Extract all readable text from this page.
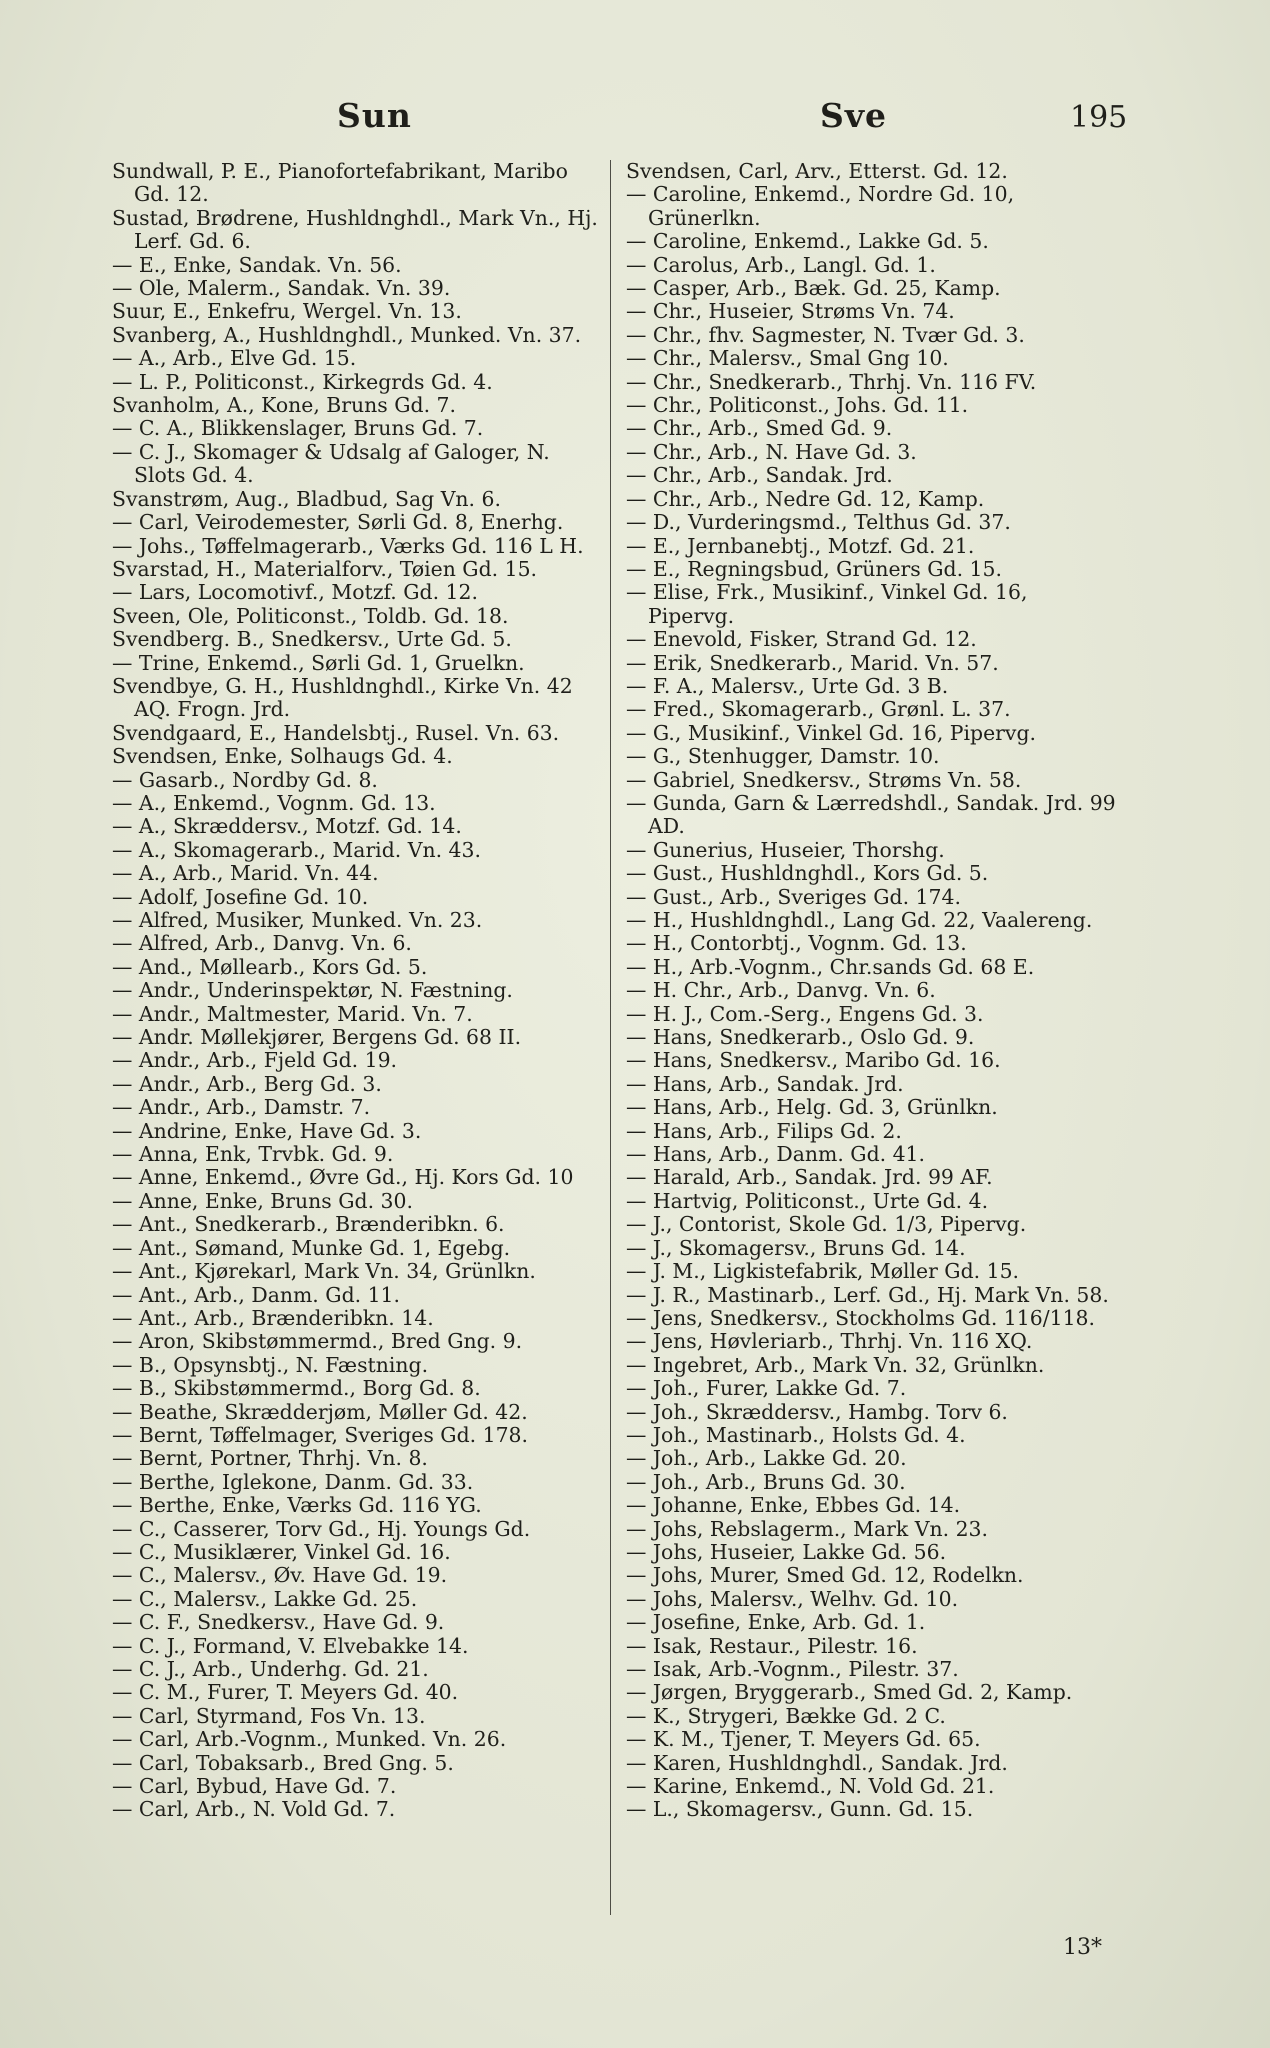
Sun	Sve	195
Sundwall, P. E., Pianofortefabrikant, Maribo Gd. 12.
Sustad, Brødrene, Hushldnghdl., Mark Vn., Hj. Lerf. Gd. 6.
— E., Enke, Sandak. Vn. 56.
— Ole, Malerm., Sandak. Vn. 39.
Suur, E., Enkefru, Wergel. Vn. 13.
Svanberg, A., Hushldnghdl., Munked. Vn. 37.
— A., Arb., Elve Gd. 15.
— L. P., Politiconst., Kirkegrds Gd. 4.
Svanholm, A., Kone, Bruns Gd. 7.
— C. A., Blikkenslager, Bruns Gd. 7.
— C. J., Skomager & Udsalg af Galoger, N. Slots Gd. 4.
Svanstrøm, Aug., Bladbud, Sag Vn. 6.
— Carl, Veirodemester, Sørli Gd. 8, Enerhg.
— Johs., Tøffelmagerarb., Værks Gd. 116 L H.
Svarstad, H., Materialforv., Tøien Gd. 15.
— Lars, Locomotivf., Motzf. Gd. 12.
Sveen, Ole, Politiconst., Toldb. Gd. 18.
Svendberg. B., Snedkersv., Urte Gd. 5.
— Trine, Enkemd., Sørli Gd. 1, Gruelkn.
Svendbye, G. H., Hushldnghdl., Kirke Vn. 42 AQ. Frogn. Jrd.
Svendgaard, E., Handelsbtj., Rusel. Vn. 63.
Svendsen, Enke, Solhaugs Gd. 4.
— Gasarb., Nordby Gd. 8.
— A., Enkemd., Vognm. Gd. 13.
— A., Skræddersv., Motzf. Gd. 14.
— A., Skomagerarb., Marid. Vn. 43.
— A., Arb., Marid. Vn. 44.
— Adolf, Josefine Gd. 10.
— Alfred, Musiker, Munked. Vn. 23.
— Alfred, Arb., Danvg. Vn. 6.
— And., Møllearb., Kors Gd. 5.
— Andr., Underinspektør, N. Fæstning.
— Andr., Maltmester, Marid. Vn. 7.
— Andr. Møllekjører, Bergens Gd. 68 II.
— Andr., Arb., Fjeld Gd. 19.
— Andr., Arb., Berg Gd. 3.
— Andr., Arb., Damstr. 7.
— Andrine, Enke, Have Gd. 3.
— Anna, Enk, Trvbk. Gd. 9.
— Anne, Enkemd., Øvre Gd., Hj. Kors Gd. 10
— Anne, Enke, Bruns Gd. 30.
— Ant., Snedkerarb., Brænderibkn. 6.
— Ant., Sømand, Munke Gd. 1, Egebg.
— Ant., Kjørekarl, Mark Vn. 34, Grünlkn.
— Ant., Arb., Danm. Gd. 11.
— Ant., Arb., Brænderibkn. 14.
— Aron, Skibstømmermd., Bred Gng. 9.
— B., Opsynsbtj., N. Fæstning.
— B., Skibstømmermd., Borg Gd. 8.
— Beathe, Skrædderjøm, Møller Gd. 42.
— Bernt, Tøffelmager, Sveriges Gd. 178.
— Bernt, Portner, Thrhj. Vn. 8.
— Berthe, Iglekone, Danm. Gd. 33.
— Berthe, Enke, Værks Gd. 116 YG.
— C., Casserer, Torv Gd., Hj. Youngs Gd.
— C., Musiklærer, Vinkel Gd. 16.
— C., Malersv., Øv. Have Gd. 19.
— C., Malersv., Lakke Gd. 25.
— C. F., Snedkersv., Have Gd. 9.
— C. J., Formand, V. Elvebakke 14.
— C. J., Arb., Underhg. Gd. 21.
— C. M., Furer, T. Meyers Gd. 40.
— Carl, Styrmand, Fos Vn. 13.
— Carl, Arb.-Vognm., Munked. Vn. 26.
— Carl, Tobaksarb., Bred Gng. 5.
— Carl, Bybud, Have Gd. 7.
— Carl, Arb., N. Vold Gd. 7.
Svendsen, Carl, Arv., Etterst. Gd. 12.
— Caroline, Enkemd., Nordre Gd. 10, Grünerlkn.
— Caroline, Enkemd., Lakke Gd. 5.
— Carolus, Arb., Langl. Gd. 1.
— Casper, Arb., Bæk. Gd. 25, Kamp.
— Chr., Huseier, Strøms Vn. 74.
— Chr., fhv. Sagmester, N. Tvær Gd. 3.
— Chr., Malersv., Smal Gng 10.
— Chr., Snedkerarb., Thrhj. Vn. 116 FV.
— Chr., Politiconst., Johs. Gd. 11.
— Chr., Arb., Smed Gd. 9.
— Chr., Arb., N. Have Gd. 3.
— Chr., Arb., Sandak. Jrd.
— Chr., Arb., Nedre Gd. 12, Kamp.
— D., Vurderingsmd., Telthus Gd. 37.
— E., Jernbanebtj., Motzf. Gd. 21.
— E., Regningsbud, Grüners Gd. 15.
— Elise, Frk., Musikinf., Vinkel Gd. 16, Pipervg.
— Enevold, Fisker, Strand Gd. 12.
— Erik, Snedkerarb., Marid. Vn. 57.
— F. A., Malersv., Urte Gd. 3 B.
— Fred., Skomagerarb., Grønl. L. 37.
— G., Musikinf., Vinkel Gd. 16, Pipervg.
— G., Stenhugger, Damstr. 10.
— Gabriel, Snedkersv., Strøms Vn. 58.
— Gunda, Garn & Lærredshdl., Sandak. Jrd. 99 AD.
— Gunerius, Huseier, Thorshg.
— Gust., Hushldnghdl., Kors Gd. 5.
— Gust., Arb., Sveriges Gd. 174.
— H., Hushldnghdl., Lang Gd. 22, Vaalereng.
— H., Contorbtj., Vognm. Gd. 13.
— H., Arb.-Vognm., Chr.sands Gd. 68 E.
— H. Chr., Arb., Danvg. Vn. 6.
— H. J., Com.-Serg., Engens Gd. 3.
— Hans, Snedkerarb., Oslo Gd. 9.
— Hans, Snedkersv., Maribo Gd. 16.
— Hans, Arb., Sandak. Jrd.
— Hans, Arb., Helg. Gd. 3, Grünlkn.
— Hans, Arb., Filips Gd. 2.
— Hans, Arb., Danm. Gd. 41.
— Harald, Arb., Sandak. Jrd. 99 AF.
— Hartvig, Politiconst., Urte Gd. 4.
— J., Contorist, Skole Gd. 1/3, Pipervg.
— J., Skomagersv., Bruns Gd. 14.
— J. M., Ligkistefabrik, Møller Gd. 15.
— J. R., Mastinarb., Lerf. Gd., Hj. Mark Vn. 58.
— Jens, Snedkersv., Stockholms Gd. 116/118.
— Jens, Høvleriarb., Thrhj. Vn. 116 XQ.
— Ingebret, Arb., Mark Vn. 32, Grünlkn.
— Joh., Furer, Lakke Gd. 7.
— Joh., Skræddersv., Hambg. Torv 6.
— Joh., Mastinarb., Holsts Gd. 4.
— Joh., Arb., Lakke Gd. 20.
— Joh., Arb., Bruns Gd. 30.
— Johanne, Enke, Ebbes Gd. 14.
— Johs, Rebslagerm., Mark Vn. 23.
— Johs, Huseier, Lakke Gd. 56.
— Johs, Murer, Smed Gd. 12, Rodelkn.
— Johs, Malersv., Welhv. Gd. 10.
— Josefine, Enke, Arb. Gd. 1.
— Isak, Restaur., Pilestr. 16.
— Isak, Arb.-Vognm., Pilestr. 37.
— Jørgen, Bryggerarb., Smed Gd. 2, Kamp.
— K., Strygeri, Bække Gd. 2 C.
— K. M., Tjener, T. Meyers Gd. 65.
— Karen, Hushldnghdl., Sandak. Jrd.
— Karine, Enkemd., N. Vold Gd. 21.
— L., Skomagersv., Gunn. Gd. 15.
13*
